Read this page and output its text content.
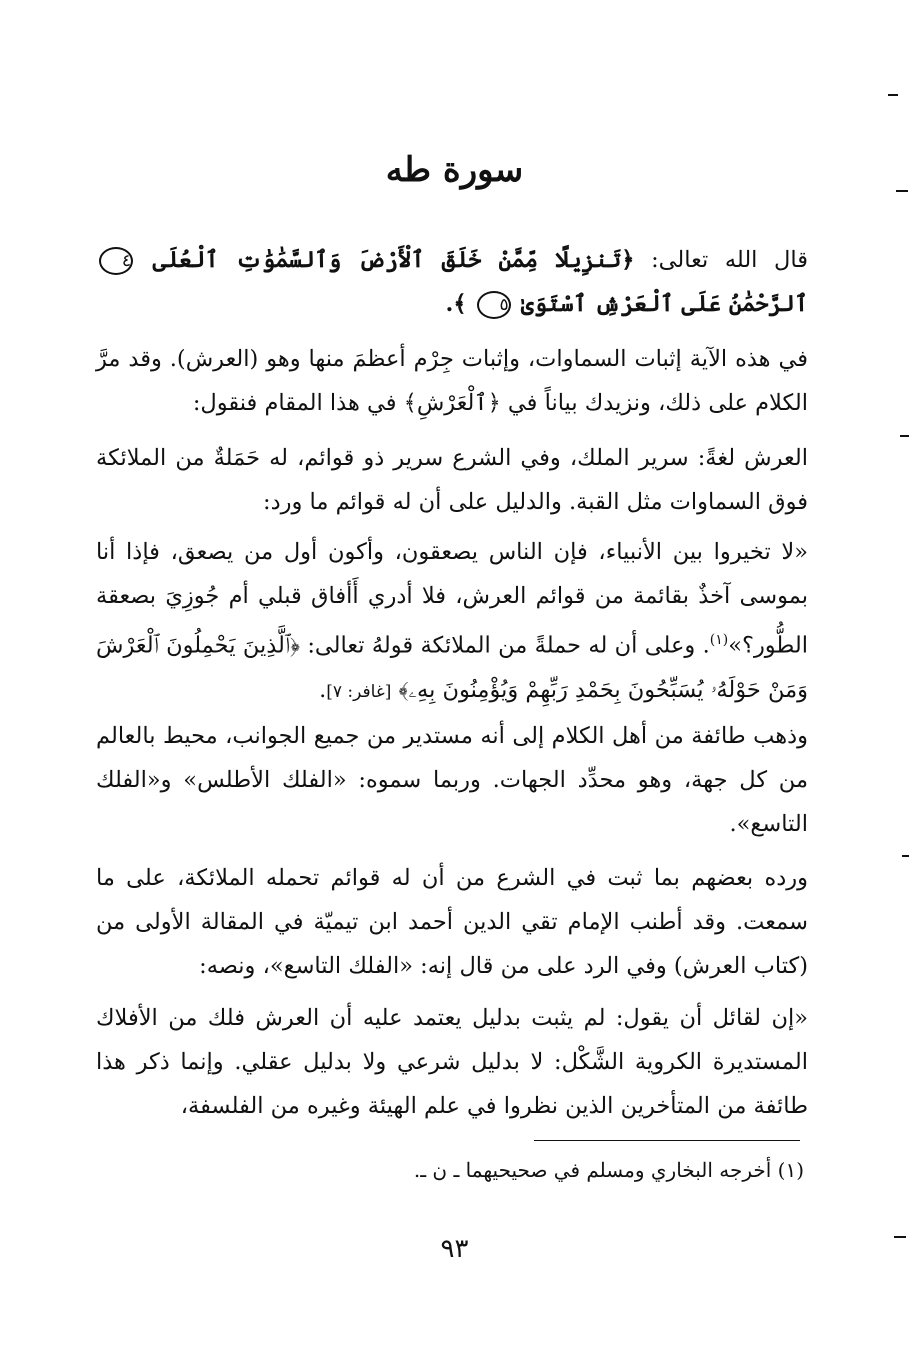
سورة طه

قال الله تعالى: ﴿تَنزِيلًا مِّمَّنْ خَلَقَ ٱلْأَرْضَ وَٱلسَّمَٰوَٰتِ ٱلْعُلَى ٤ ٱلرَّحْمَٰنُ عَلَى ٱلْعَرْشِ ٱسْتَوَىٰ ٥ ﴾.

في هذه الآية إثبات السماوات، وإثبات جِرْم أعظمَ منها وهو (العرش). وقد مرَّ الكلام على ذلك، ونزيدك بياناً في ﴿ٱلْعَرْشِ﴾ في هذا المقام فنقول:

العرش لغةً: سرير الملك، وفي الشرع سرير ذو قوائم، له حَمَلةٌ من الملائكة فوق السماوات مثل القبة. والدليل على أن له قوائم ما ورد:

«لا تخيروا بين الأنبياء، فإن الناس يصعقون، وأكون أول من يصعق، فإذا أنا بموسى آخذٌ بقائمة من قوائم العرش، فلا أدري أَأفاق قبلي أم جُوزِيَ بصعقة الطُّور؟»$^{(١)}$. وعلى أن له حملةً من الملائكة قولهُ تعالى: ﴿ٱلَّذِينَ يَحْمِلُونَ ٱلْعَرْشَ وَمَنْ حَوْلَهُۥ يُسَبِّحُونَ بِحَمْدِ رَبِّهِمْ وَيُؤْمِنُونَ بِهِۦ﴾ [غافر: ٧].

وذهب طائفة من أهل الكلام إلى أنه مستدير من جميع الجوانب، محيط بالعالم من كل جهة، وهو محدِّد الجهات. وربما سموه: «الفلك الأطلس» و«الفلك التاسع».

ورده بعضهم بما ثبت في الشرع من أن له قوائم تحمله الملائكة، على ما سمعت. وقد أطنب الإمام تقي الدين أحمد ابن تيميّة في المقالة الأولى من (كتاب العرش) وفي الرد على من قال إنه: «الفلك التاسع»، ونصه:

«إن لقائل أن يقول: لم يثبت بدليل يعتمد عليه أن العرش فلك من الأفلاك المستديرة الكروية الشَّكْل: لا بدليل شرعي ولا بدليل عقلي. وإنما ذكر هذا طائفة من المتأخرين الذين نظروا في علم الهيئة وغيره من الفلسفة،

(١) أخرجه البخاري ومسلم في صحيحيهما ـ ن ـ.
٩٣
